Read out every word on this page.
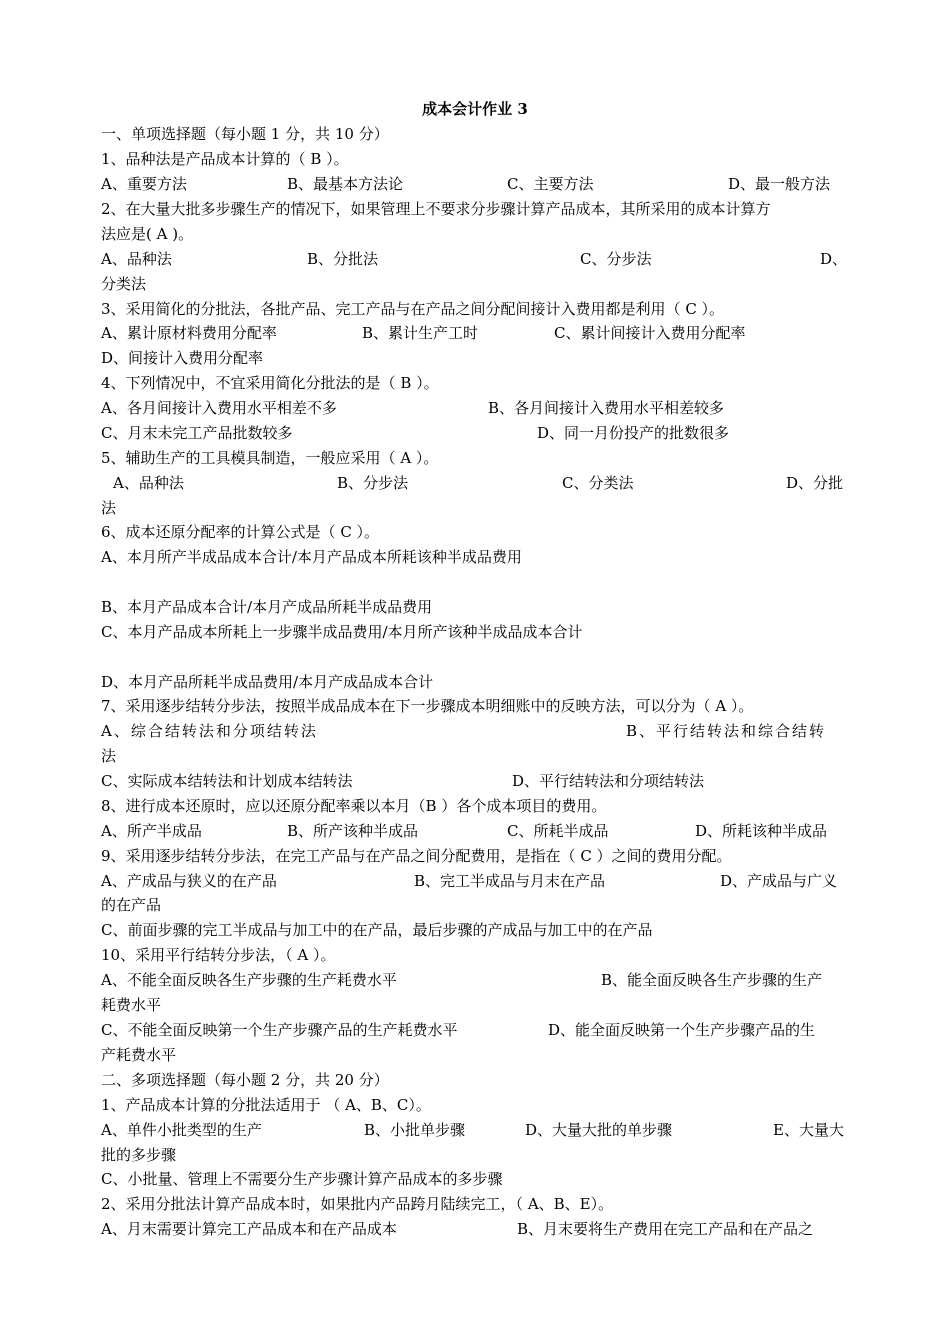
成本会计作业 3
一、单项选择题（每小题 1 分，共 10 分）
1、品种法是产品成本计算的（ B ）。
A、重要方法	B、最基本方法论	C、主要方法	D、最一般方法
2、在大量大批多步骤生产的情况下，如果管理上不要求分步骤计算产品成本，其所采用的成本计算方
法应是( A )。
A、品种法	B、分批法	C、分步法	D、
分类法
3、采用简化的分批法，各批产品、完工产品与在产品之间分配间接计入费用都是利用（ C ）。
A、累计原材料费用分配率	B、累计生产工时	C、累计间接计入费用分配率
D、间接计入费用分配率
4、下列情况中，不宜采用简化分批法的是（ B ）。
A、各月间接计入费用水平相差不多	B、各月间接计入费用水平相差较多
C、月末未完工产品批数较多	D、同一月份投产的批数很多
5、辅助生产的工具模具制造，一般应采用（ A ）。
A、品种法	B、分步法	C、分类法	D、分批
法
6、成本还原分配率的计算公式是（ C ）。
A、本月所产半成品成本合计/本月产品成本所耗该种半成品费用
B、本月产品成本合计/本月产成品所耗半成品费用
C、本月产品成本所耗上一步骤半成品费用/本月所产该种半成品成本合计
D、本月产品所耗半成品费用/本月产成品成本合计
7、采用逐步结转分步法，按照半成品成本在下一步骤成本明细账中的反映方法，可以分为（ A ）。
A、综合结转法和分项结转法	B、平行结转法和综合结转
法
C、实际成本结转法和计划成本结转法	D、平行结转法和分项结转法
8、进行成本还原时，应以还原分配率乘以本月（B ）各个成本项目的费用。
A、所产半成品	B、所产该种半成品	C、所耗半成品	D、所耗该种半成品
9、采用逐步结转分步法，在完工产品与在产品之间分配费用，是指在（ C ）之间的费用分配。
A、产成品与狭义的在产品	B、完工半成品与月末在产品	D、产成品与广义
的在产品
C、前面步骤的完工半成品与加工中的在产品，最后步骤的产成品与加工中的在产品
10、采用平行结转分步法，（ A ）。
A、不能全面反映各生产步骤的生产耗费水平	B、能全面反映各生产步骤的生产
耗费水平
C、不能全面反映第一个生产步骤产品的生产耗费水平	D、能全面反映第一个生产步骤产品的生
产耗费水平
二、多项选择题（每小题 2 分，共 20 分）
1、产品成本计算的分批法适用于 （ A、B、C）。
A、单件小批类型的生产	B、小批单步骤	D、大量大批的单步骤	E、大量大
批的多步骤
C、小批量、管理上不需要分生产步骤计算产品成本的多步骤
2、采用分批法计算产品成本时，如果批内产品跨月陆续完工，（ A、B、E）。
A、月末需要计算完工产品成本和在产品成本	B、月末要将生产费用在完工产品和在产品之
